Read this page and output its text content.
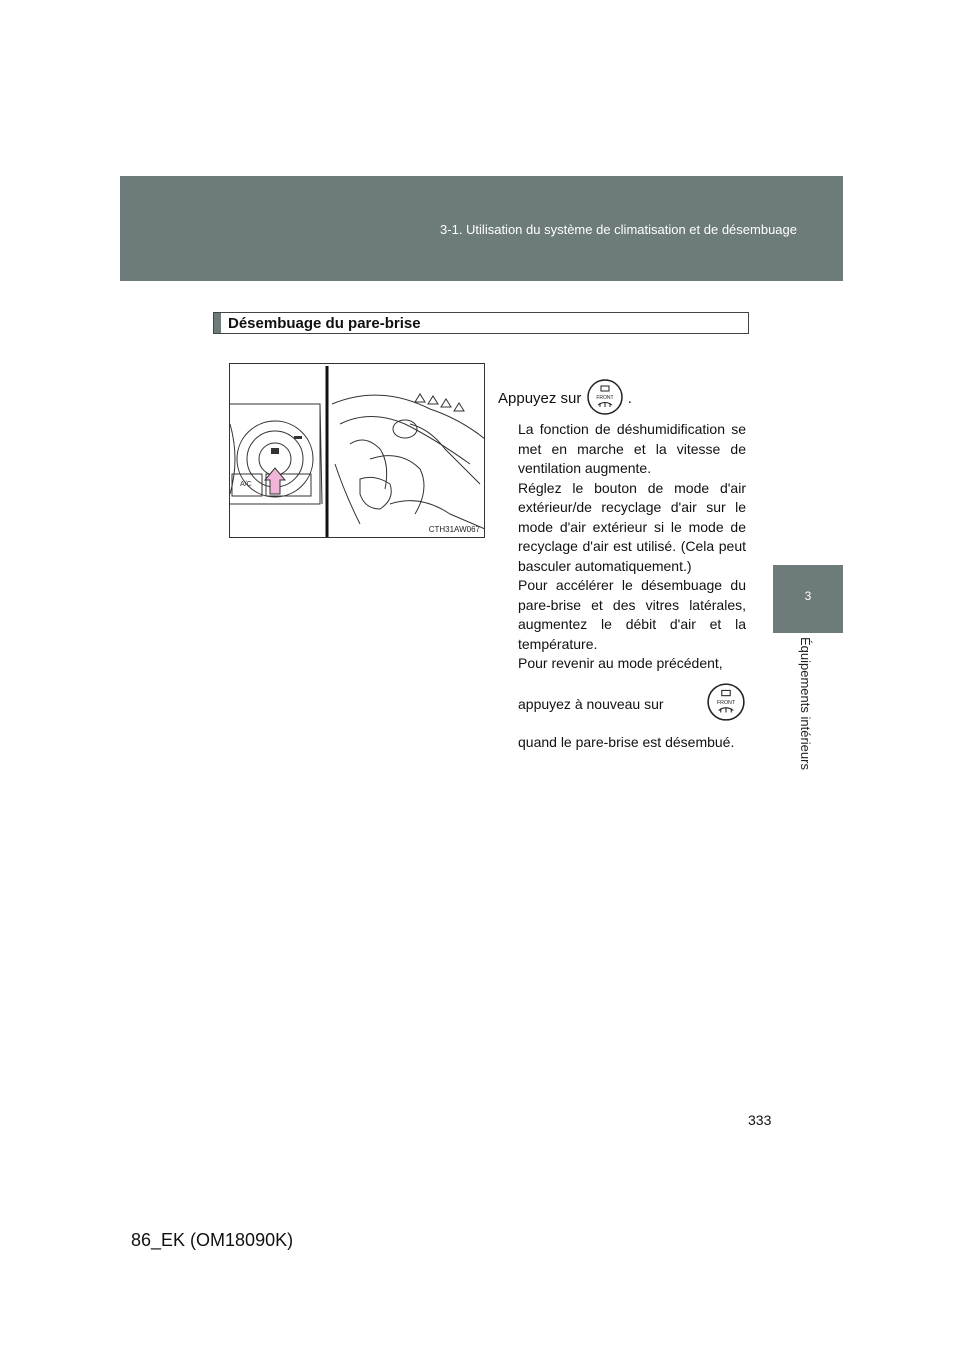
3-1. Utilisation du système de climatisation et de désembuage
3
Équipements intérieurs
Désembuage du pare-brise
A/C
CTH31AW067
Appuyez sur	FRONT .

La fonction de déshumidification se met en marche et la vitesse de ventilation augmente.

Réglez le bouton de mode d'air extérieur/de recyclage d'air sur le mode d'air extérieur si le mode de recyclage d'air est utilisé. (Cela peut basculer automatiquement.)

Pour accélérer le désembuage du pare-brise et des vitres latérales, augmentez le débit d'air et la température.

Pour revenir au mode précédent,

appuyez à nouveau sur	FRONT

quand le pare-brise est désembué.

333
86_EK (OM18090K)
